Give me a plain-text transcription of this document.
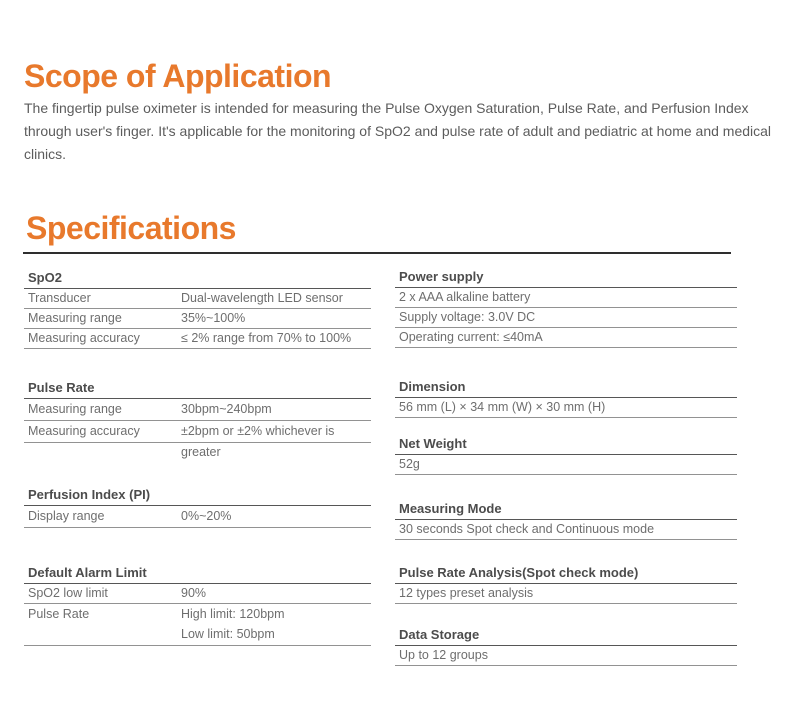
Scope of Application

The fingertip pulse oximeter is intended for measuring the Pulse Oxygen Saturation, Pulse Rate, and Perfusion Index through user's finger. It's applicable for the monitoring of SpO2 and pulse rate of adult and pediatric at home and medical clinics.

Specifications
SpO2
Transducer	Dual-wavelength LED sensor
Measuring range	35%~100%
Measuring accuracy	≤ 2% range from 70% to 100%
Pulse Rate
Measuring range	30bpm~240bpm
Measuring accuracy	±2bpm or ±2% whichever is greater
Perfusion Index (PI)
Display range	0%~20%
Default Alarm Limit
SpO2 low limit	90%
Pulse Rate	High limit: 120bpm
Low limit: 50bpm
Power supply
2 x AAA alkaline battery
Supply voltage: 3.0V DC
Operating current: ≤40mA
Dimension
56 mm (L) × 34 mm (W) × 30 mm (H)
Net Weight
52g
Measuring Mode
30 seconds Spot check and Continuous mode
Pulse Rate Analysis(Spot check mode)
12 types preset analysis
Data Storage
Up to 12 groups
